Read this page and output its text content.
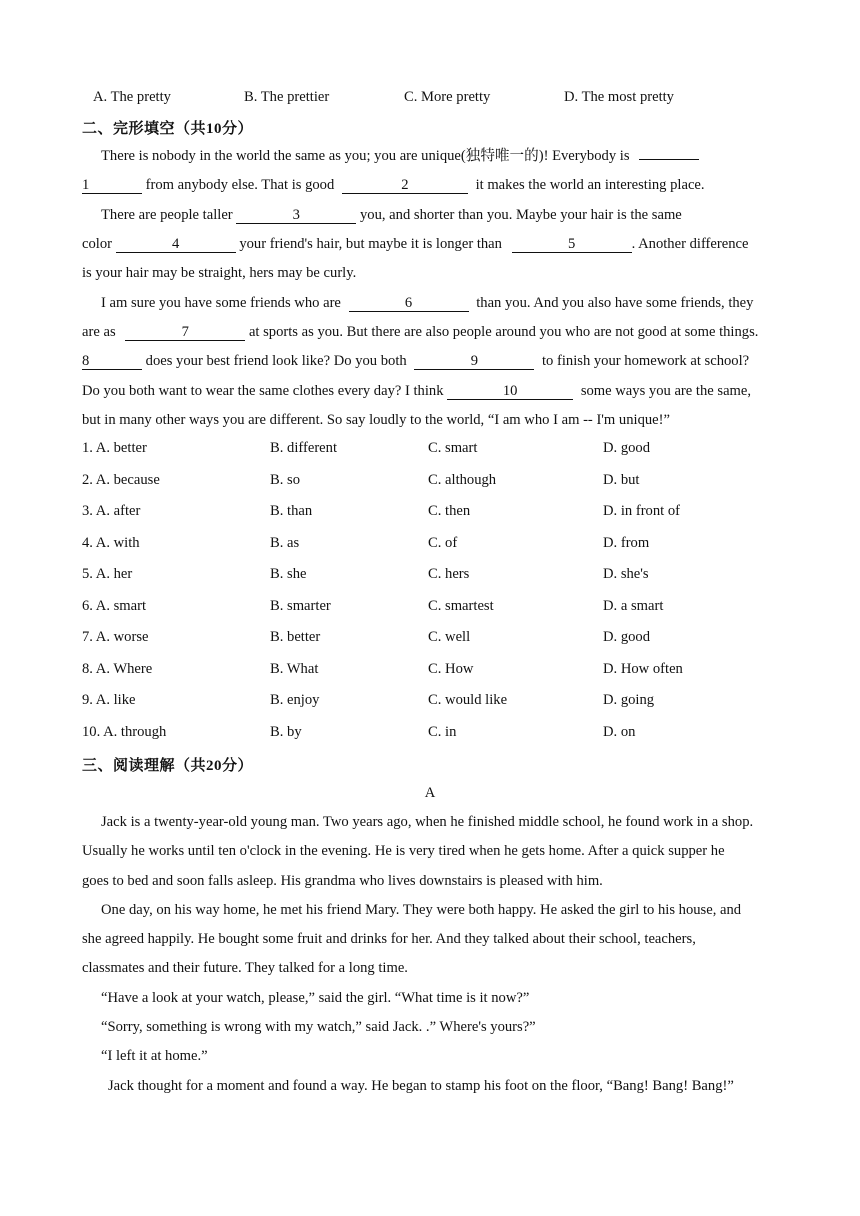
A. The pretty	B. The prettier	C. More pretty	D. The most pretty
二、完形填空（共10分）
There is nobody in the world the same as you; you are unique(独特唯一的)! Everybody is
1	from anybody else. That is good	2	it makes the world an interesting place.
There are people taller	3	you, and shorter than you. Maybe your hair is the same
color	4	your friend's hair, but maybe it is longer than	5	. Another difference
is your hair may be straight, hers may be curly.
I am sure you have some friends who are	6	than you. And you also have some friends, they
are as	7	at sports as you. But there are also people around you who are not good at some things.
8	does your best friend look like? Do you both	9	to finish your homework at school?
Do you both want to wear the same clothes every day? I think	10	some ways you are the same,
but in many other ways you are different. So say loudly to the world, “I am who I am -- I'm unique!”
1. A. better	B. different	C. smart	D. good
2. A. because	B. so	C. although	D. but
3. A. after	B. than	C. then	D. in front of
4. A. with	B. as	C. of	D. from
5. A. her	B. she	C. hers	D. she's
6. A. smart	B. smarter	C. smartest	D. a smart
7. A. worse	B. better	C. well	D. good
8. A. Where	B. What	C. How	D. How often
9. A. like	B. enjoy	C. would like	D. going
10. A. through	B. by	C. in	D. on
三、阅读理解（共20分）
A
Jack is a twenty-year-old young man. Two years ago, when he finished middle school, he found work in a shop.
Usually he works until ten o'clock in the evening. He is very tired when he gets home. After a quick supper he
goes to bed and soon falls asleep. His grandma who lives downstairs is pleased with him.
One day, on his way home, he met his friend Mary. They were both happy. He asked the girl to his house, and
she agreed happily. He bought some fruit and drinks for her. And they talked about their school, teachers,
classmates and their future. They talked for a long time.
“Have a look at your watch, please,” said the girl. “What time is it now?”
“Sorry, something is wrong with my watch,” said Jack. .” Where's yours?”
“I left it at home.”
Jack thought for a moment and found a way. He began to stamp his foot on the floor, “Bang! Bang! Bang!”
